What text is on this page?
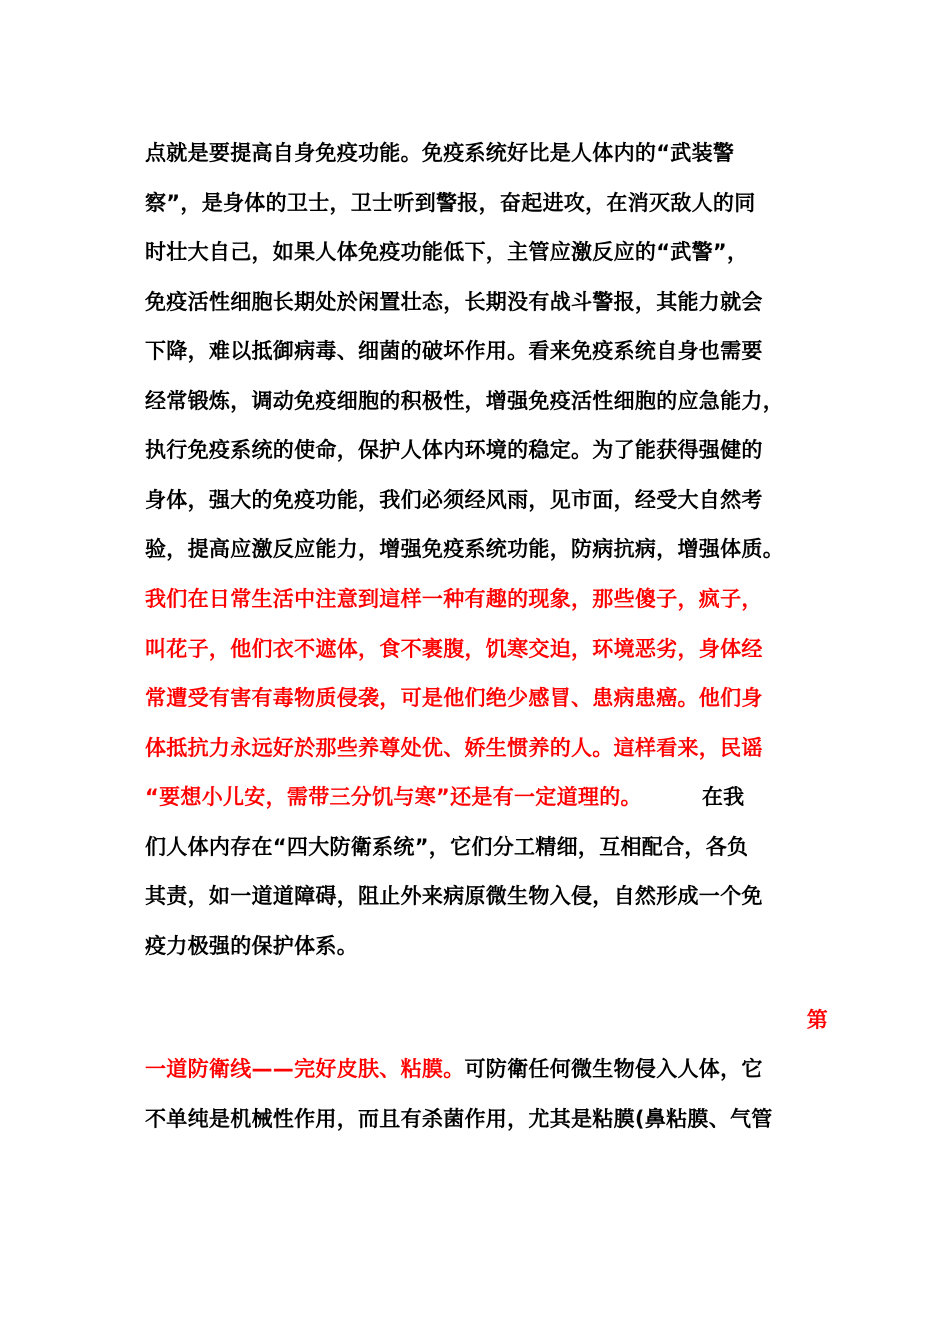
点就是要提高自身免疫功能。免疫系统好比是人体内的“武装警
察”，是身体的卫士，卫士听到警报，奋起进攻，在消灭敌人的同
时壮大自己，如果人体免疫功能低下，主管应激反应的“武警”，
免疫活性细胞长期处於闲置壮态，长期没有战斗警报，其能力就会
下降，难以抵御病毒、细菌的破坏作用。看来免疫系统自身也需要
经常锻炼，调动免疫细胞的积极性，增强免疫活性细胞的应急能力，
执行免疫系统的使命，保护人体内环境的稳定。为了能获得强健的
身体，强大的免疫功能，我们必须经风雨，见市面，经受大自然考
验，提高应激反应能力，增强免疫系统功能，防病抗病，增强体质。
我们在日常生活中注意到這样一种有趣的现象，那些傻子，疯子，
叫花子，他们衣不遮体，食不裹腹，饥寒交迫，环境恶劣，身体经
常遭受有害有毒物质侵袭，可是他们绝少感冒、患病患癌。他们身
体抵抗力永远好於那些养尊处优、娇生惯养的人。這样看来，民谣
“要想小儿安，需带三分饥与寒”还是有一定道理的。	在我
们人体内存在“四大防衛系统”，它们分工精细，互相配合，各负
其责，如一道道障碍，阻止外来病原微生物入侵，自然形成一个免
疫力极强的保护体系。
第
一道防衛线——完好皮肤、粘膜。可防衛任何微生物侵入人体，它
不单纯是机械性作用，而且有杀菌作用，尤其是粘膜(鼻粘膜、气管
